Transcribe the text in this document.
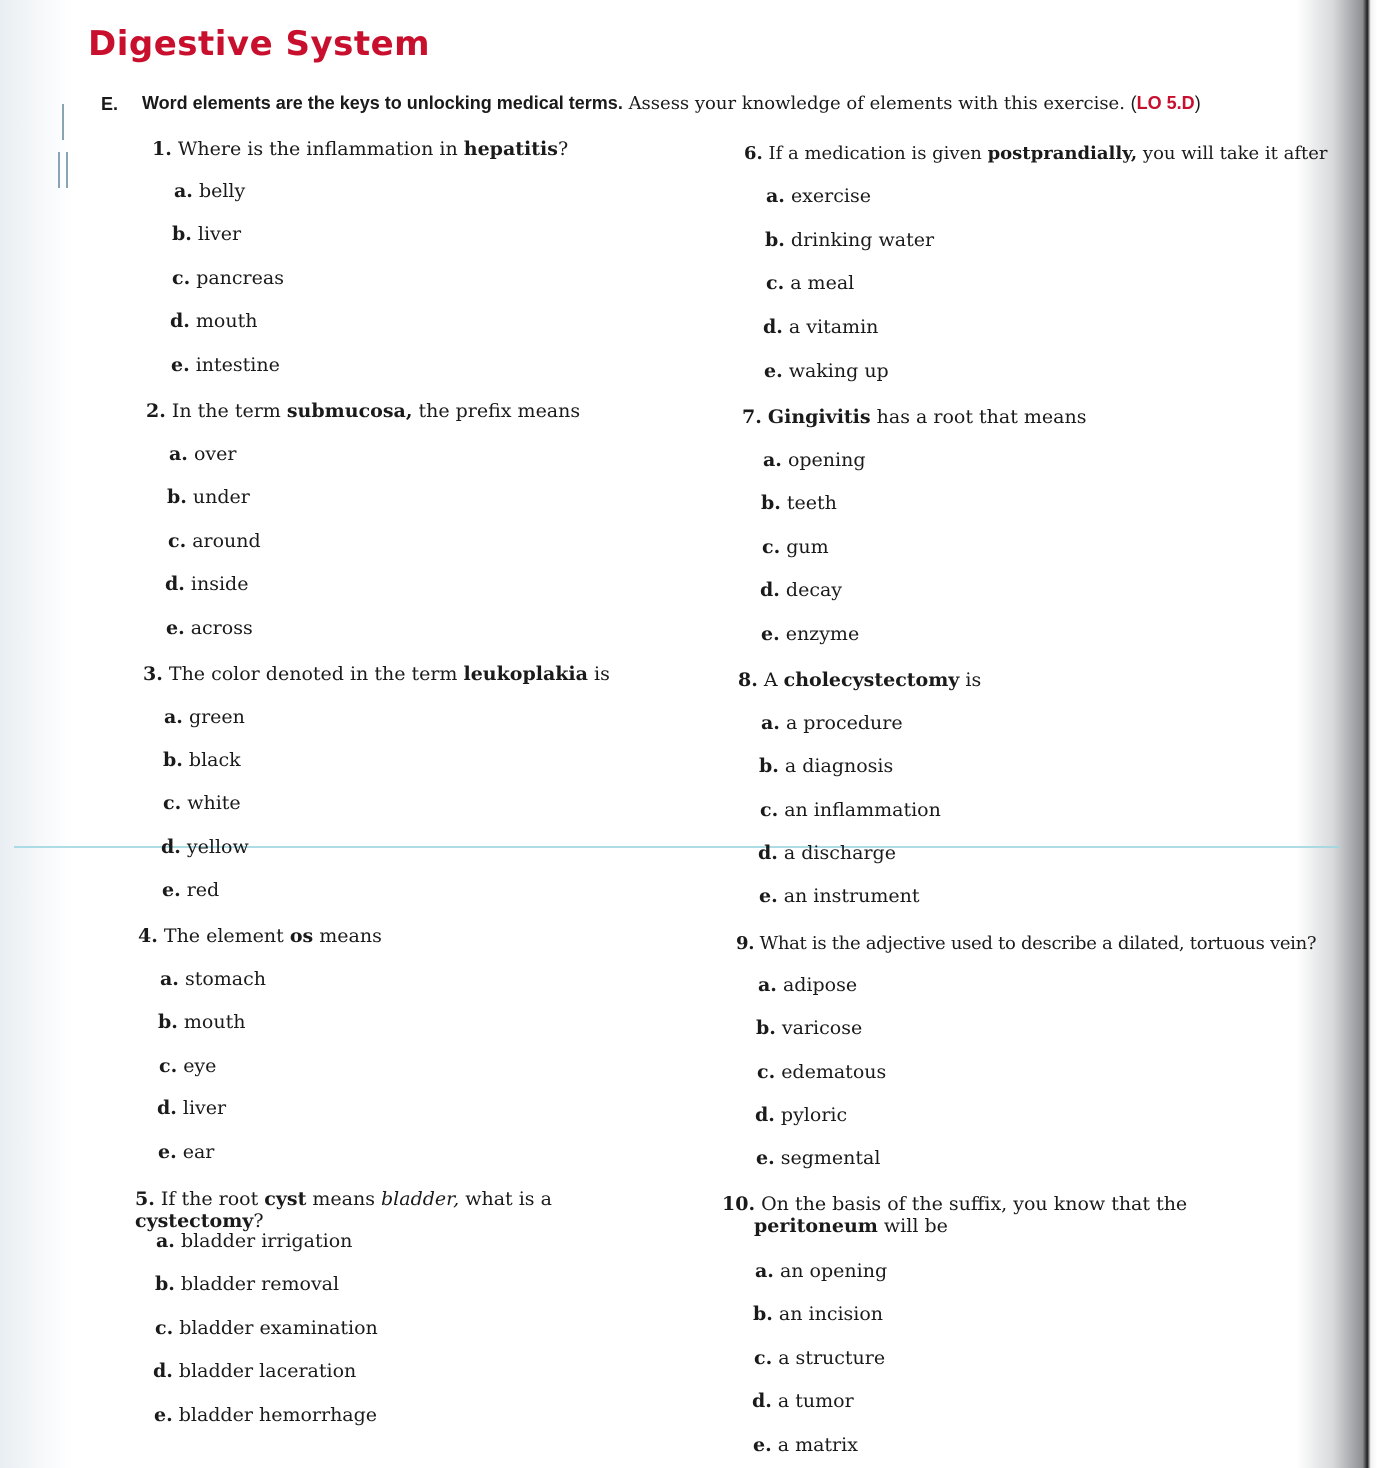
Digestive System
E. Word elements are the keys to unlocking medical terms. Assess your knowledge of elements with this exercise. (LO 5.D)
1. Where is the inflammation in hepatitis?
a. belly
b. liver
c. pancreas
d. mouth
e. intestine
2. In the term submucosa, the prefix means
a. over
b. under
c. around
d. inside
e. across
3. The color denoted in the term leukoplakia is
a. green
b. black
c. white
d. yellow
e. red
4. The element os means
a. stomach
b. mouth
c. eye
d. liver
e. ear
5. If the root cyst means bladder, what is a cystectomy?
a. bladder irrigation
b. bladder removal
c. bladder examination
d. bladder laceration
e. bladder hemorrhage
6. If a medication is given postprandially, you will take it after
a. exercise
b. drinking water
c. a meal
d. a vitamin
e. waking up
7. Gingivitis has a root that means
a. opening
b. teeth
c. gum
d. decay
e. enzyme
8. A cholecystectomy is
a. a procedure
b. a diagnosis
c. an inflammation
d. a discharge
e. an instrument
9. What is the adjective used to describe a dilated, tortuous vein?
a. adipose
b. varicose
c. edematous
d. pyloric
e. segmental
10. On the basis of the suffix, you know that the peritoneum will be
a. an opening
b. an incision
c. a structure
d. a tumor
e. a matrix
